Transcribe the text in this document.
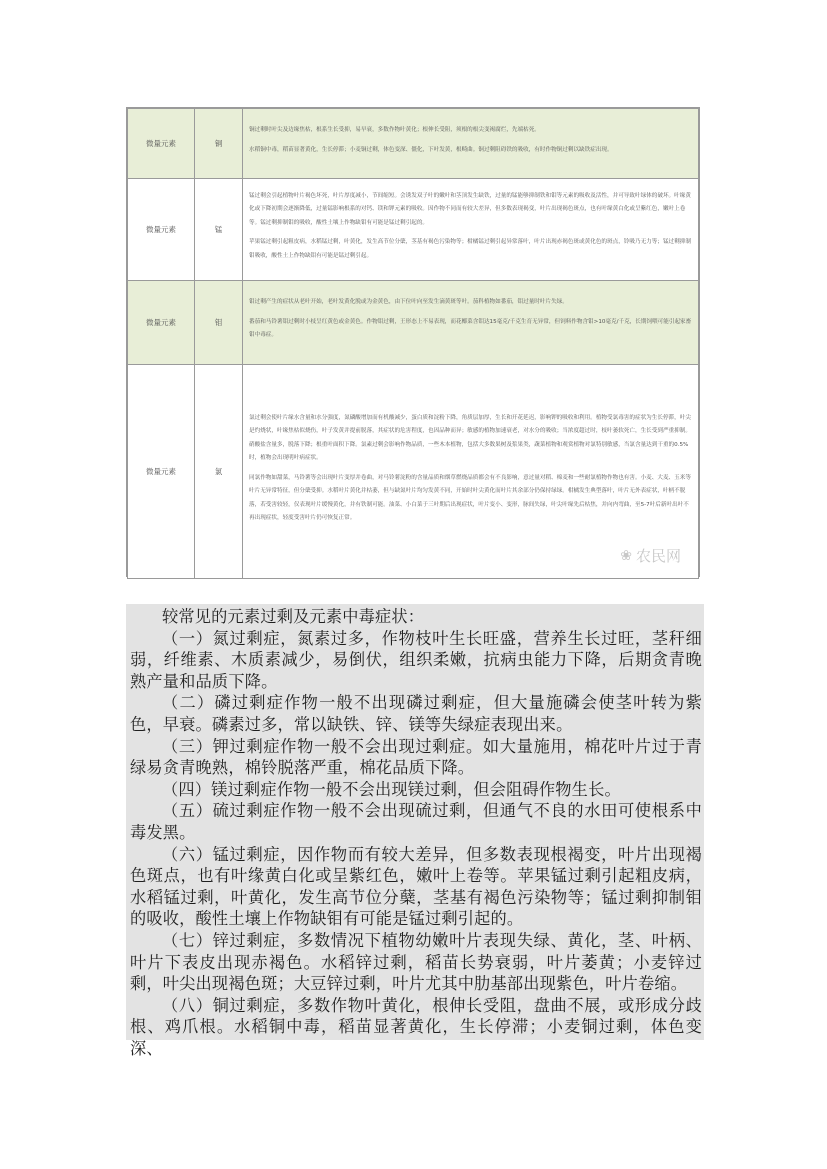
微量元素	铜	铜过剩时叶尖及边缘焦枯，根系生长受抑，易早衰，多数作物叶黄化；根伸长受阻，须根的根尖变褐腐烂，先端枯死。

水稻铜中毒，稻苗显著黄化，生长停滞；小麦铜过剩，体色变深、僵化，下叶发黄，根畸曲。铜过剩阻碍铁的吸收，有时作物铜过剩以缺铁症出现。

微量元素	锰	锰过剩会引起植物叶片褐色坏死，叶片厚度减小，节间缩短。会诱发双子叶的嫩叶和茎顶发生缺铁，过量的锰能够抑制铁和钼等元素的吸收及活性，并可导致叶绿体的破坏。叶缘黄化或下降初期会逐渐降低，过量锰影响根系的对钙、镁和钾元素的吸收。因作物不同而有较大差异，但多数表现褐变，叶片出现褐色斑点，也有叶缘黄白化或呈紫红色，嫩叶上卷等。锰过剩抑制钼的吸收，酸性土壤上作物缺钼有可能是锰过剩引起的。

苹果锰过剩引起粗皮病，水稻锰过剩，叶黄化，发生高节位分蘖，茎基有褐色污染物等；柑橘锰过剩引起异常落叶，叶片出现赤褐色斑或黄化色的斑点，铃吸乃无力等；锰过剩抑制钼吸收，酸性土上作物缺钼有可能是锰过剩引起。

微量元素	钼	钼过剩产生的症状从老叶开始，老叶发黄化脱或为金黄色，由下位叶向至发生滴黄斑等叶。茄科植物如番茄，钼过量时叶片失绿。

番茄和马铃薯钼过剩时小枝呈红黄色或金黄色。作物钼过剩，王形态上不易表现，而花椰菜含钼达15毫克/千克生育无异常，但饲料作物含钼>10毫克/千克，长期饲喂可能引起家畜钼中毒症。

微量元素	氯	氯过剩会使叶片缘水含量和水分强度，氮磷酸增加而有机酸减少，蛋白质和淀粉下降，角质层加厚，生长和开花延迟，影响钾的吸收和利用。植物受氯毒害的症状为生长停滞，叶尖是灼烧状，叶缘焦枯似烧伤，叶子发黄并提前脱落，其症状的危害程度，也因品种而异；敏感的植物加速衰老，对水分的吸收；当浓度超过时，枝叶萎软死亡，生长受到严重抑制。硝酸盐含量多，脱落下降；根重叶面积下降。氯素过剩会影响作物品质，一些木本植物，包括大多数果树及浆果类，蔬菜植物和观赏植物对氯特别敏感，当氯含量达到干重的0.5%时，植物会出现明叶病症状。

同氯作物如甜菜，马铃薯等会出现叶片变厚并卷曲，对马铃薯淀粉的含量品质和烟草燃烧品质都会有不良影响，意过量对稻、棉麦和一些耐氯植物作物也有害。小麦、大麦、玉米等叶片无异常特征，但分蘖受抑。水稻叶片黄化并枯萎，但与缺氮叶片均匀发黄不同，开始时叶尖黄化而叶片其余部分仍保持绿绿。柑橘发生典型落叶，叶片无外表症状，叶柄不脱落，若受害较轻，仅表现叶片缓慢黄化，并有铁制可能。油菜、小白菜于三叶期后出现症状，叶片变小、变形，脉间失绿，叶尖叶缘先后枯焦，并向内弯曲，至5-7叶后新叶出叶不再出现症状，轻度受害叶片仍可恢复正常。

❀ 农民网

较常见的元素过剩及元素中毒症状：

（一）氮过剩症，氮素过多，作物枝叶生长旺盛，营养生长过旺，茎秆细弱，纤维素、木质素减少，易倒伏，组织柔嫩，抗病虫能力下降，后期贪青晚熟产量和品质下降。

（二）磷过剩症作物一般不出现磷过剩症，但大量施磷会使茎叶转为紫色，早衰。磷素过多，常以缺铁、锌、镁等失绿症表现出来。

（三）钾过剩症作物一般不会出现过剩症。如大量施用，棉花叶片过于青绿易贪青晚熟，棉铃脱落严重，棉花品质下降。

（四）镁过剩症作物一般不会出现镁过剩，但会阻碍作物生长。

（五）硫过剩症作物一般不会出现硫过剩，但通气不良的水田可使根系中毒发黑。

（六）锰过剩症，因作物而有较大差异，但多数表现根褐变，叶片出现褐色斑点，也有叶缘黄白化或呈紫红色，嫩叶上卷等。苹果锰过剩引起粗皮病，水稻锰过剩，叶黄化，发生高节位分蘖，茎基有褐色污染物等；锰过剩抑制钼的吸收，酸性土壤上作物缺钼有可能是锰过剩引起的。

（七）锌过剩症，多数情况下植物幼嫩叶片表现失绿、黄化，茎、叶柄、叶片下表皮出现赤褐色。水稻锌过剩，稻苗长势衰弱，叶片萎黄；小麦锌过剩，叶尖出现褐色斑；大豆锌过剩，叶片尤其中肋基部出现紫色，叶片卷缩。

（八）铜过剩症，多数作物叶黄化，根伸长受阻，盘曲不展，或形成分歧根、鸡爪根。水稻铜中毒，稻苗显著黄化，生长停滞；小麦铜过剩，体色变深、
